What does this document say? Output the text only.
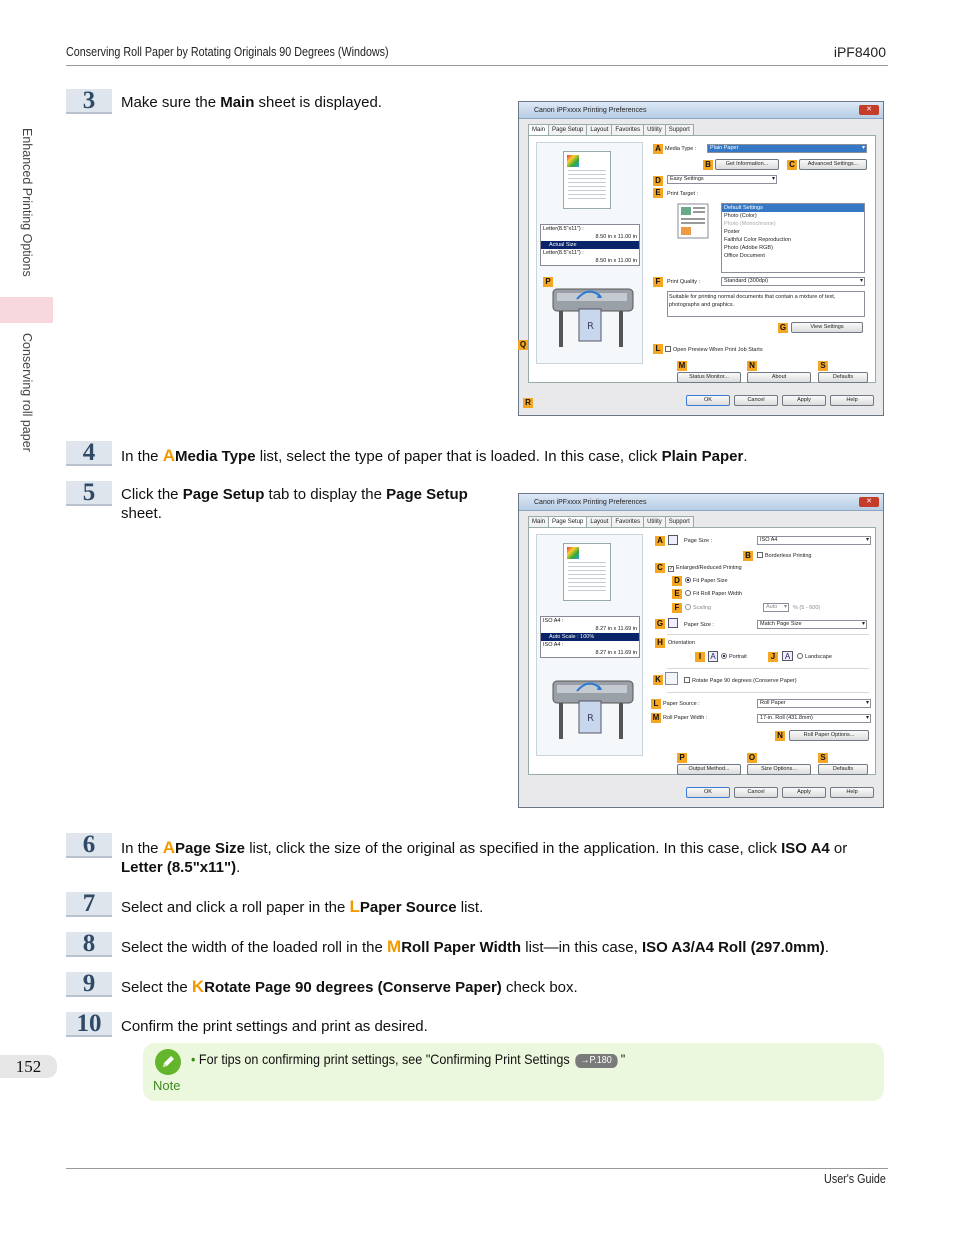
Conserving Roll Paper by Rotating Originals 90 Degrees (Windows)	iPF8400
Enhanced Printing Options
Conserving roll paper
152
User's Guide
3	Make sure the Main sheet is displayed.	Canon iPFxxxx Printing Preferences	✕
Main Page Setup Layout Favorites Utility Support
Letter(8.5"x11") :
8.50 in x 11.00 in
Actual Size
Letter(8.5"x11") :
8.50 in x 11.00 in
R
P
Q
R
A Media Type :	Plain Paper ▾
B	Get Information...	C	Advanced Settings...
D	Easy Settings ▾
E	Print Target :
Default Settings
Photo (Color)
Photo (Monochrome)
Poster
Faithful Color Reproduction
Photo (Adobe RGB)
Office Document
F	Print Quality :	Standard (300dpi) ▾
Suitable for printing normal documents that contain a mixture of text, photographs and graphics.
G	View Settings
L	Open Preview When Print Job Starts
M	N	S
Status Monitor...	About	Defaults
OK	Cancel	Apply	Help
4	In the AMedia Type list, select the type of paper that is loaded. In this case, click Plain Paper.
5	Click the Page Setup tab to display the Page Setup sheet.
Canon iPFxxxx Printing Preferences	✕
Main Page Setup Layout Favorites Utility Support
ISO A4 :
8.27 in x 11.69 in
Auto Scale : 100%
ISO A4 :
8.27 in x 11.69 in
R
A	Page Size :	ISO A4 ▾
B	Borderless Printing
C	✓ Enlarged/Reduced Printing
D	Fit Paper Size
E	Fit Roll Paper Width
F	Scaling	Auto ▾	% (5 - 600)
G	Paper Size :	Match Page Size ▾
H Orientation
I	A	Portrait	J	A	Landscape
K	Rotate Page 90 degrees (Conserve Paper)
L Paper Source :	Roll Paper ▾
M Roll Paper Width :	17-in. Roll (431.8mm) ▾
N	Roll Paper Options...
P	O	S
Output Method...	Size Options...	Defaults
OK	Cancel	Apply	Help
6	In the APage Size list, click the size of the original as specified in the application. In this case, click ISO A4 or Letter (8.5"x11").
7	Select and click a roll paper in the LPaper Source list.
8	Select the width of the loaded roll in the MRoll Paper Width list—in this case, ISO A3/A4 Roll (297.0mm).
9	Select the KRotate Page 90 degrees (Conserve Paper) check box.
10	Confirm the print settings and print as desired.
Note
• For tips on confirming print settings, see "Confirming Print Settings →P.180 "
